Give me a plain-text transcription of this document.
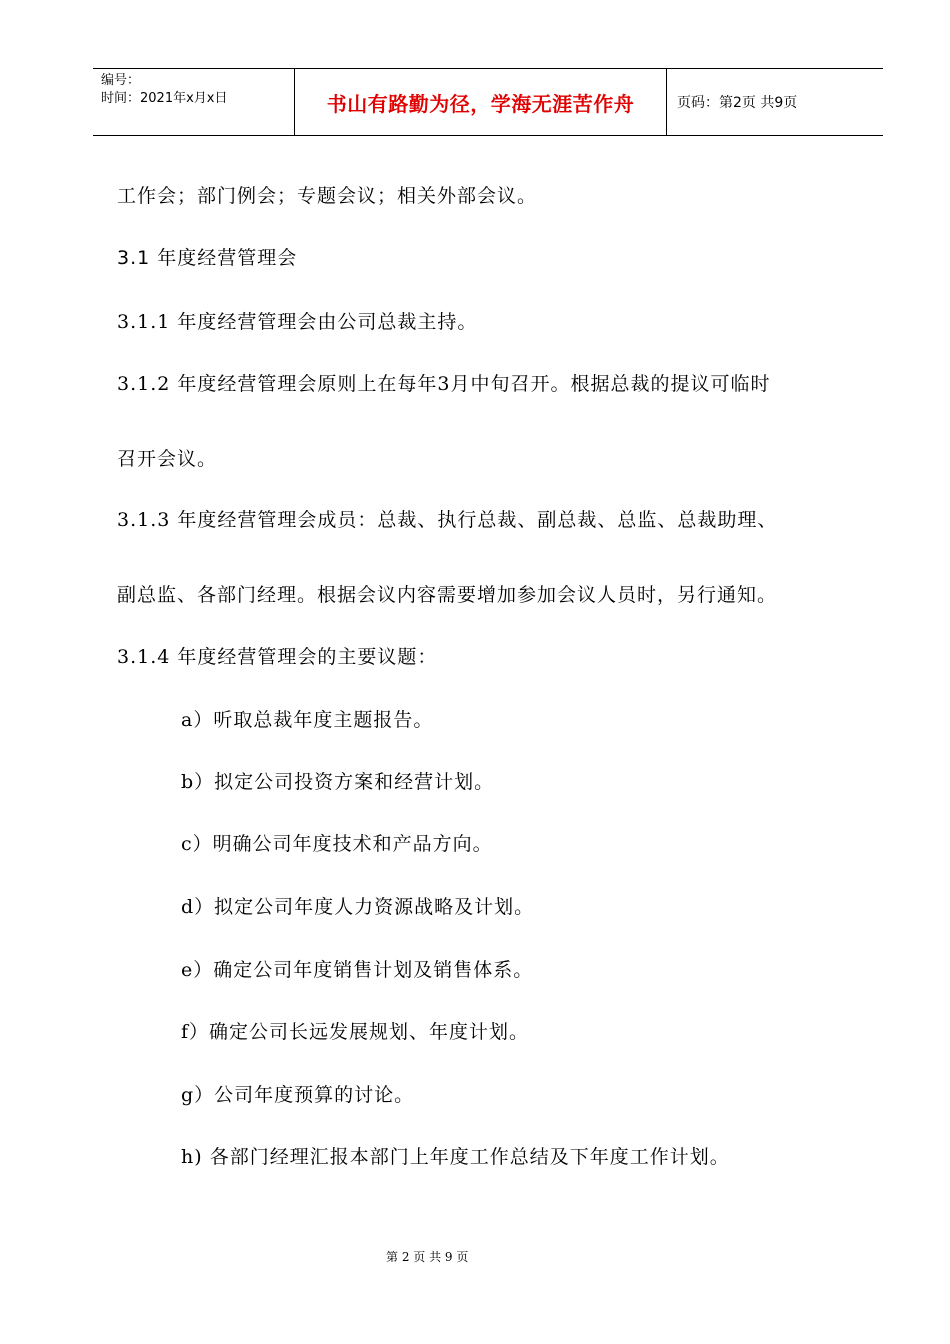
编号：
时间：2021年x月x日	书山有路勤为径，学海无涯苦作舟	页码：第2页 共9页
工作会；部门例会；专题会议；相关外部会议。
3.1 年度经营管理会
3.1.1 年度经营管理会由公司总裁主持。
3.1.2 年度经营管理会原则上在每年3月中旬召开。根据总裁的提议可临时
召开会议。
3.1.3 年度经营管理会成员：总裁、执行总裁、副总裁、总监、总裁助理、
副总监、各部门经理。根据会议内容需要增加参加会议人员时，另行通知。
3.1.4 年度经营管理会的主要议题：
a）听取总裁年度主题报告。
b）拟定公司投资方案和经营计划。
c）明确公司年度技术和产品方向。
d）拟定公司年度人力资源战略及计划。
e）确定公司年度销售计划及销售体系。
f）确定公司长远发展规划、年度计划。
g）公司年度预算的讨论。
h) 各部门经理汇报本部门上年度工作总结及下年度工作计划。
第 2 页 共 9 页
